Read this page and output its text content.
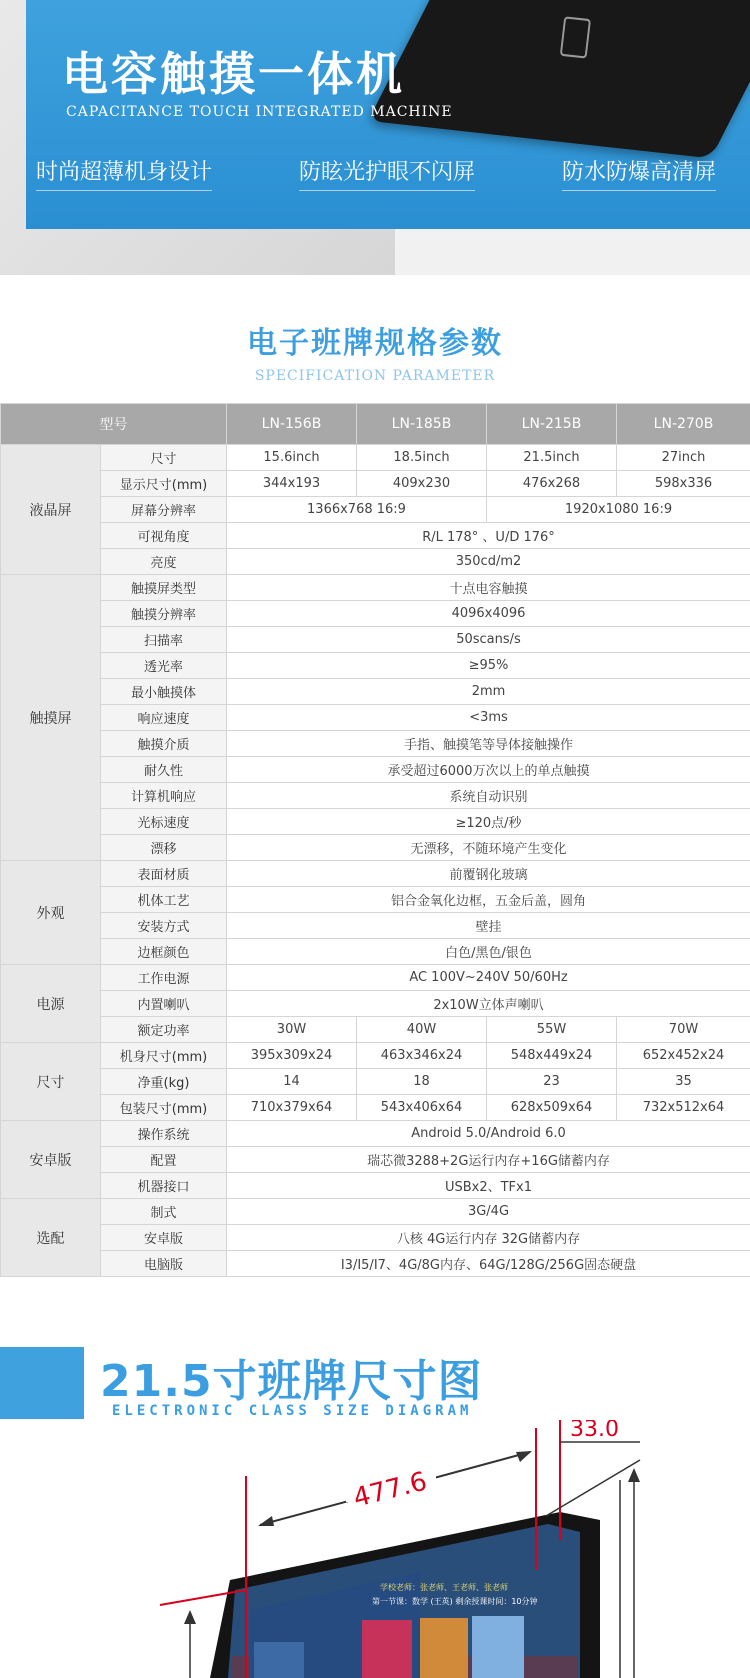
电容触摸一体机
CAPACITANCE TOUCH INTEGRATED MACHINE
时尚超薄机身设计	防眩光护眼不闪屏	防水防爆高清屏
电子班牌规格参数
SPECIFICATION PARAMETER
型号		LN-156B	LN-185B	LN-215B	LN-270B
液晶屏	尺寸	15.6inch	18.5inch	21.5inch	27inch
	显示尺寸(mm)	344x193	409x230	476x268	598x336
	屏幕分辨率	1366x768 16:9		1920x1080 16:9	
	可视角度	R/L 178° 、U/D 176°			
	亮度	350cd/m2			
触摸屏	触摸屏类型	十点电容触摸			
	触摸分辨率	4096x4096			
	扫描率	50scans/s			
	透光率	≥95%			
	最小触摸体	2mm			
	响应速度	<3ms			
	触摸介质	手指、触摸笔等导体接触操作			
	耐久性	承受超过6000万次以上的单点触摸			
	计算机响应	系统自动识别			
	光标速度	≥120点/秒			
	漂移	无漂移，不随环境产生变化			
外观	表面材质	前覆钢化玻璃			
	机体工艺	铝合金氧化边框，五金后盖，圆角			
	安装方式	壁挂			
	边框颜色	白色/黑色/银色			
电源	工作电源	AC 100V~240V 50/60Hz			
	内置喇叭	2x10W立体声喇叭			
	额定功率	30W	40W	55W	70W
尺寸	机身尺寸(mm)	395x309x24	463x346x24	548x449x24	652x452x24
	净重(kg)	14	18	23	35
	包装尺寸(mm)	710x379x64	543x406x64	628x509x64	732x512x64
安卓版	操作系统	Android 5.0/Android 6.0			
	配置	瑞芯微3288+2G运行内存+16G储蓄内存			
	机器接口	USBx2、TFx1			
选配	制式	3G/4G			
	安卓版	八核 4G运行内存 32G储蓄内存			
	电脑版	I3/I5/I7、4G/8G内存、64G/128G/256G固态硬盘			
21.5寸班牌尺寸图
ELECTRONIC CLASS SIZE DIAGRAM
学校老师：张老师、王老师、张老师
第一节课：数学 (王英) 剩余授课时间：10分钟
477.6
33.0
